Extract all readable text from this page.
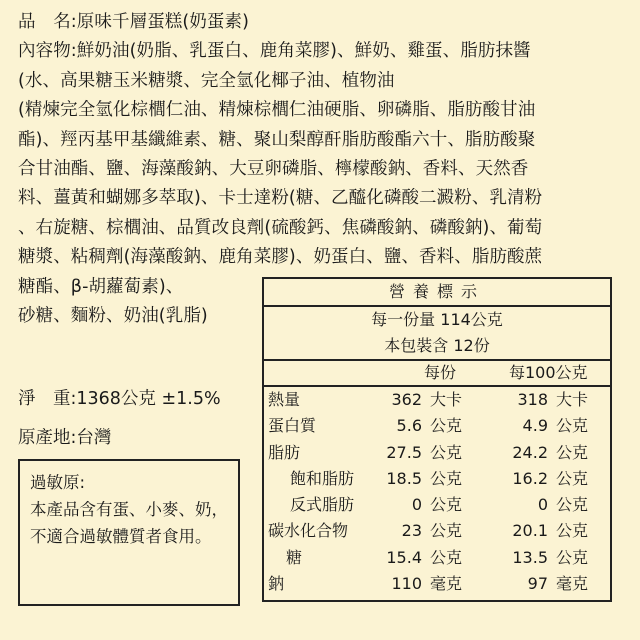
品　名:原味千層蛋糕(奶蛋素)
內容物:鮮奶油(奶脂、乳蛋白、鹿角菜膠)、鮮奶、雞蛋、脂肪抹醬
(水、高果糖玉米糖漿、完全氫化椰子油、植物油
(精煉完全氫化棕櫚仁油、精煉棕櫚仁油硬脂、卵磷脂、脂肪酸甘油
酯)、羥丙基甲基纖維素、糖、聚山梨醇酐脂肪酸酯六十、脂肪酸聚
合甘油酯、鹽、海藻酸鈉、大豆卵磷脂、檸檬酸鈉、香料、天然香
料、薑黃和蝴娜多萃取)、卡士達粉(糖、乙醯化磷酸二澱粉、乳清粉
、右旋糖、棕櫚油、品質改良劑(硫酸鈣、焦磷酸鈉、磷酸鈉)、葡萄
糖漿、粘稠劑(海藻酸鈉、鹿角菜膠)、奶蛋白、鹽、香料、脂肪酸蔗
糖酯、β-胡蘿蔔素)、
砂糖、麵粉、奶油(乳脂)
淨　重:1368公克 ±1.5%
原產地:台灣
過敏原:
本產品含有蛋、小麥、奶，不適合過敏體質者食用。
營養標示
每一份量 114公克
本包裝含 12份
每份	每100公克
熱量	362 大卡	318 大卡
蛋白質	5.6 公克	4.9 公克
脂肪	27.5 公克	24.2 公克
飽和脂肪 18.5 公克	16.2 公克
反式脂肪	0 公克	0 公克
碳水化合物	23 公克	20.1 公克
糖	15.4 公克	13.5 公克
鈉	110 毫克	97 毫克
